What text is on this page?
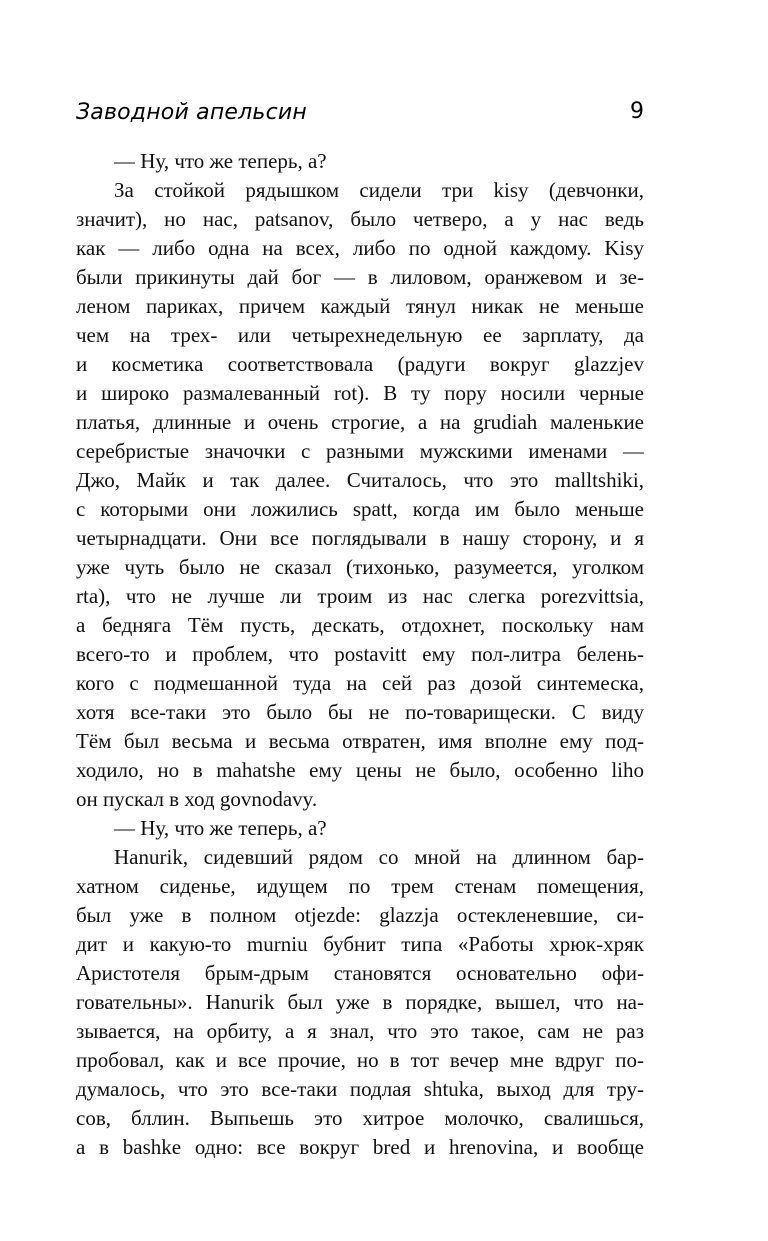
Заводной апельсин	9
— Ну, что же теперь, а?
За стойкой рядышком сидели три kisy (девчонки,
значит), но нас, patsanov, было четверо, а у нас ведь
как — либо одна на всех, либо по одной каждому. Kisy
были прикинуты дай бог — в лиловом, оранжевом и зе-
леном париках, причем каждый тянул никак не меньше
чем на трех- или четырехнедельную ее зарплату, да
и косметика соответствовала (радуги вокруг glazzjev
и широко размалеванный rot). В ту пору носили черные
платья, длинные и очень строгие, а на grudiah маленькие
серебристые значочки с разными мужскими именами —
Джо, Майк и так далее. Считалось, что это malltshiki,
с которыми они ложились spatt, когда им было меньше
четырнадцати. Они все поглядывали в нашу сторону, и я
уже чуть было не сказал (тихонько, разумеется, уголком
rta), что не лучше ли троим из нас слегка porezvittsia,
а бедняга Тём пусть, дескать, отдохнет, поскольку нам
всего-то и проблем, что postavitt ему пол-литра белень-
кого с подмешанной туда на сей раз дозой синтемеска,
хотя все-таки это было бы не по-товарищески. С виду
Тём был весьма и весьма отвратен, имя вполне ему под-
ходило, но в mahatshe ему цены не было, особенно liho
он пускал в ход govnodavy.
— Ну, что же теперь, а?
Hanurik, сидевший рядом со мной на длинном бар-
хатном сиденье, идущем по трем стенам помещения,
был уже в полном otjezde: glazzja остекленевшие, си-
дит и какую-то murniu бубнит типа «Работы хрюк-хряк
Аристотеля брым-дрым становятся основательно офи-
говательны». Hanurik был уже в порядке, вышел, что на-
зывается, на орбиту, а я знал, что это такое, сам не раз
пробовал, как и все прочие, но в тот вечер мне вдруг по-
думалось, что это все-таки подлая shtuka, выход для тру-
сов, бллин. Выпьешь это хитрое молочко, свалишься,
а в bashke одно: все вокруг bred и hrenovina, и вообще
